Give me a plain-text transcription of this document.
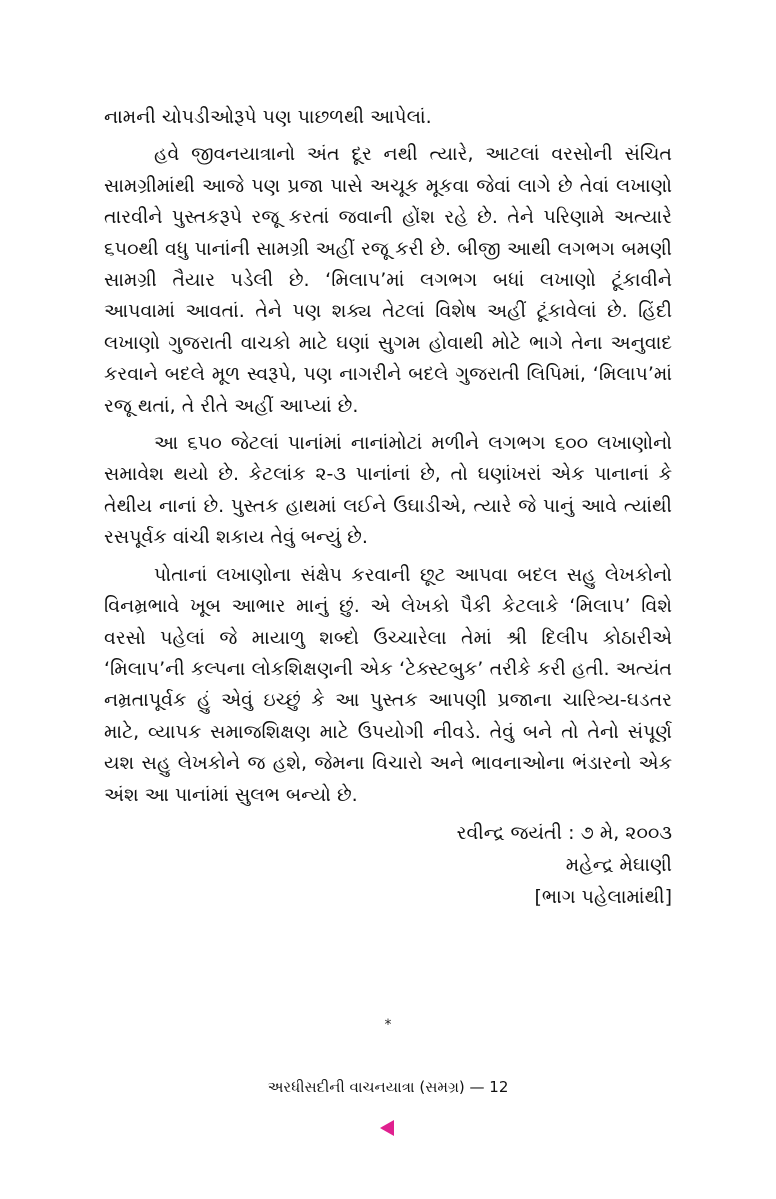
નામની ચોપડીઓરૂપે પણ પાછળથી આપેલાં.

હવે જીવનયાત્રાનો અંત દૂર નથી ત્યારે, આટલાં વરસોની સંચિત સામગ્રીમાંથી આજે પણ પ્રજા પાસે અચૂક મૂકવા જેવાં લાગે છે તેવાં લખાણો તારવીને પુસ્તકરૂપે રજૂ કરતાં જવાની હોંશ રહે છે. તેને પરિણામે અત્યારે ૬૫૦થી વધુ પાનાંની સામગ્રી અહીં રજૂ કરી છે. બીજી આથી લગભગ બમણી સામગ્રી તૈયાર પડેલી છે. ‘મિલાપ’માં લગભગ બધાં લખાણો ટૂંકાવીને આપવામાં આવતાં. તેને પણ શક્ય તેટલાં વિશેષ અહીં ટૂંકાવેલાં છે. હિંદી લખાણો ગુજરાતી વાચકો માટે ઘણાં સુગમ હોવાથી મોટે ભાગે તેના અનુવાદ કરવાને બદલે મૂળ સ્વરૂપે, પણ નાગરીને બદલે ગુજરાતી લિપિમાં, ‘મિલાપ’માં રજૂ થતાં, તે રીતે અહીં આપ્યાં છે.

આ ૬૫૦ જેટલાં પાનાંમાં નાનાંમોટાં મળીને લગભગ ૬૦૦ લખાણોનો સમાવેશ થયો છે. કેટલાંક ૨-૩ પાનાંનાં છે, તો ઘણાંખરાં એક પાનાનાં કે તેથીય નાનાં છે. પુસ્તક હાથમાં લઈને ઉઘાડીએ, ત્યારે જે પાનું આવે ત્યાંથી રસપૂર્વક વાંચી શકાય તેવું બન્યું છે.

પોતાનાં લખાણોના સંક્ષેપ કરવાની છૂટ આપવા બદલ સહુ લેખકોનો વિનમ્રભાવે ખૂબ આભાર માનું છું. એ લેખકો પૈકી કેટલાકે ‘મિલાપ’ વિશે વરસો પહેલાં જે માયાળુ શબ્દો ઉચ્ચારેલા તેમાં શ્રી દિલીપ કોઠારીએ ‘મિલાપ’ની કલ્પના લોકશિક્ષણની એક ‘ટેક્સ્ટબુક’ તરીકે કરી હતી. અત્યંત નમ્રતાપૂર્વક હું એવું ઇચ્છું કે આ પુસ્તક આપણી પ્રજાના ચારિત્ર્ય-ઘડતર માટે, વ્યાપક સમાજશિક્ષણ માટે ઉપયોગી નીવડે. તેવું બને તો તેનો સંપૂર્ણ યશ સહુ લેખકોને જ હશે, જેમના વિચારો અને ભાવનાઓના ભંડારનો એક અંશ આ પાનાંમાં સુલભ બન્યો છે.

રવીન્દ્ર જયંતી : ૭ મે, ૨૦૦૩
મહેન્દ્ર મેઘાણી
[ભાગ પહેલામાંથી]
*
અરધીસદીની વાચનયાત્રા (સમગ્ર) — 12
